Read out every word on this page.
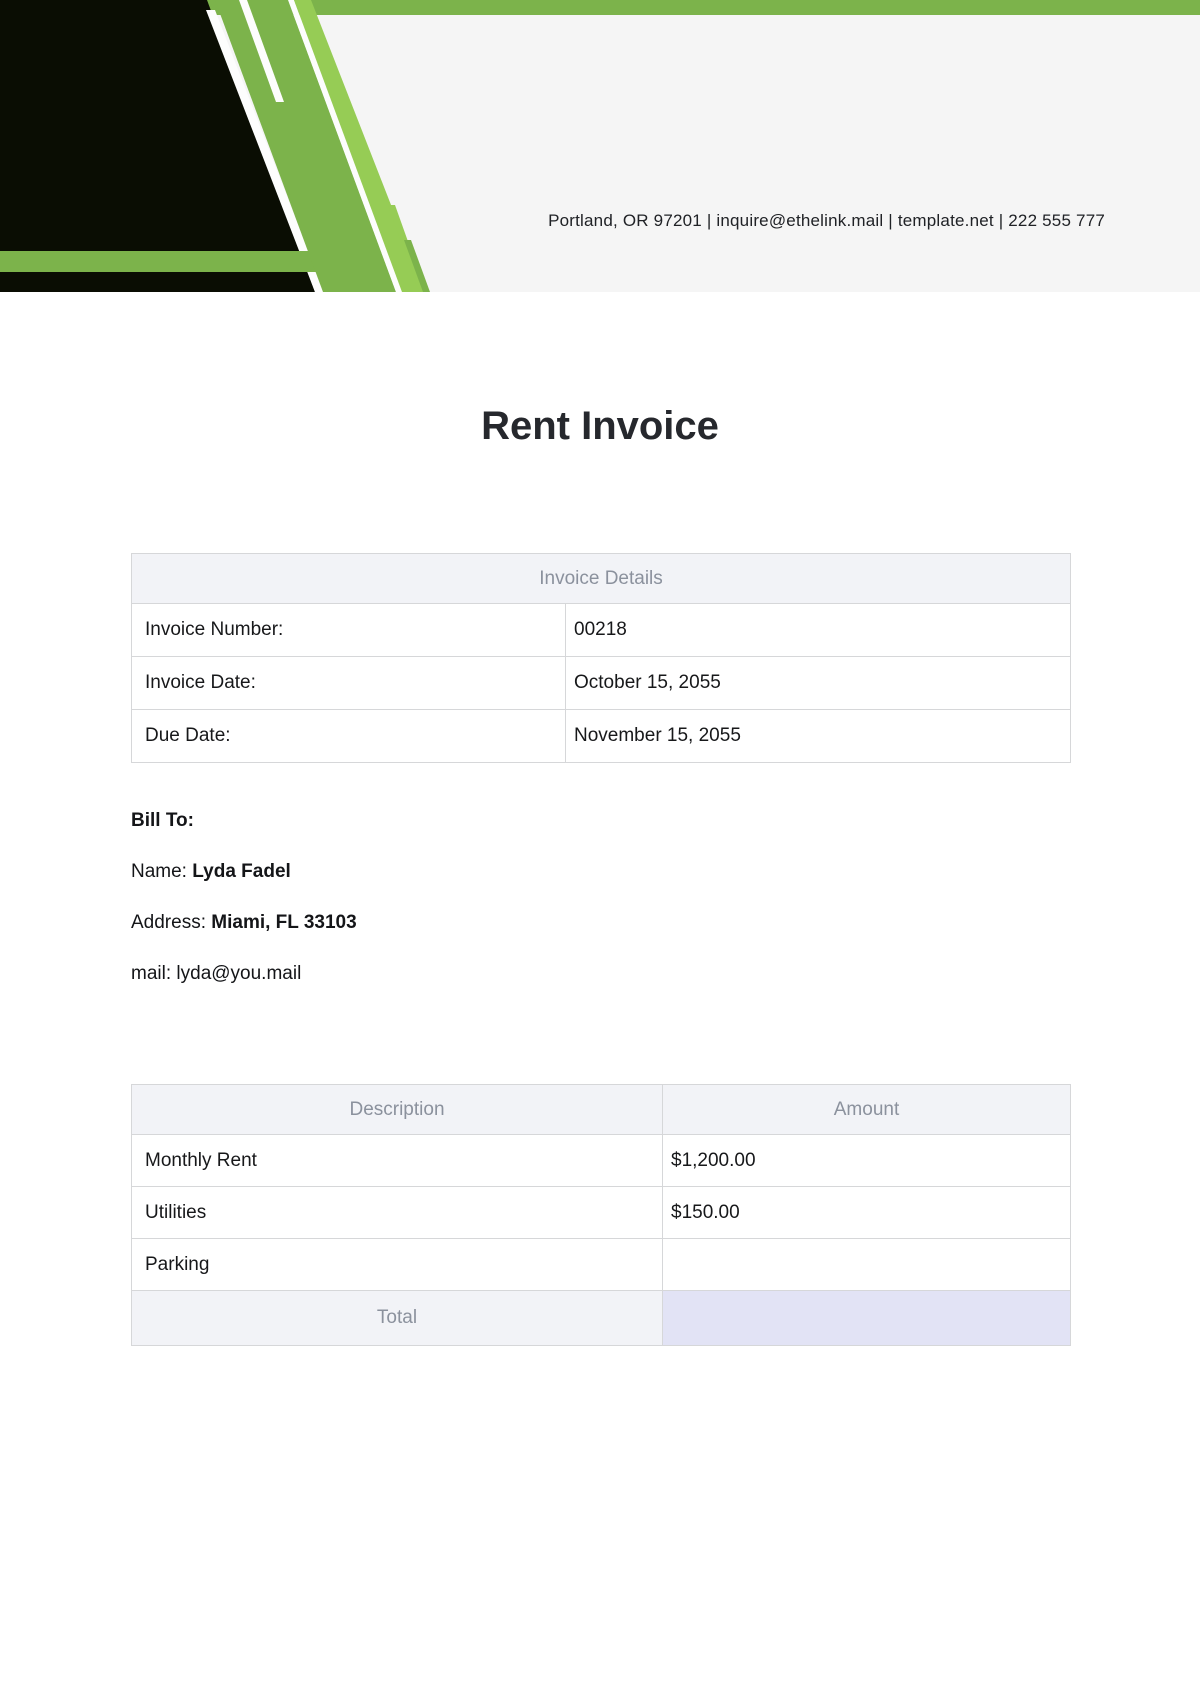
Portland, OR 97201 | inquire@ethelink.mail | template.net | 222 555 777
Rent Invoice
Invoice Details	
Invoice Number:	00218
Invoice Date:	October 15, 2055
Due Date:	November 15, 2055
Bill To:
Name: Lyda Fadel
Address: Miami, FL 33103
mail: lyda@you.mail
Description	Amount
Monthly Rent	$1,200.00
Utilities	$150.00
Parking	
Total	
